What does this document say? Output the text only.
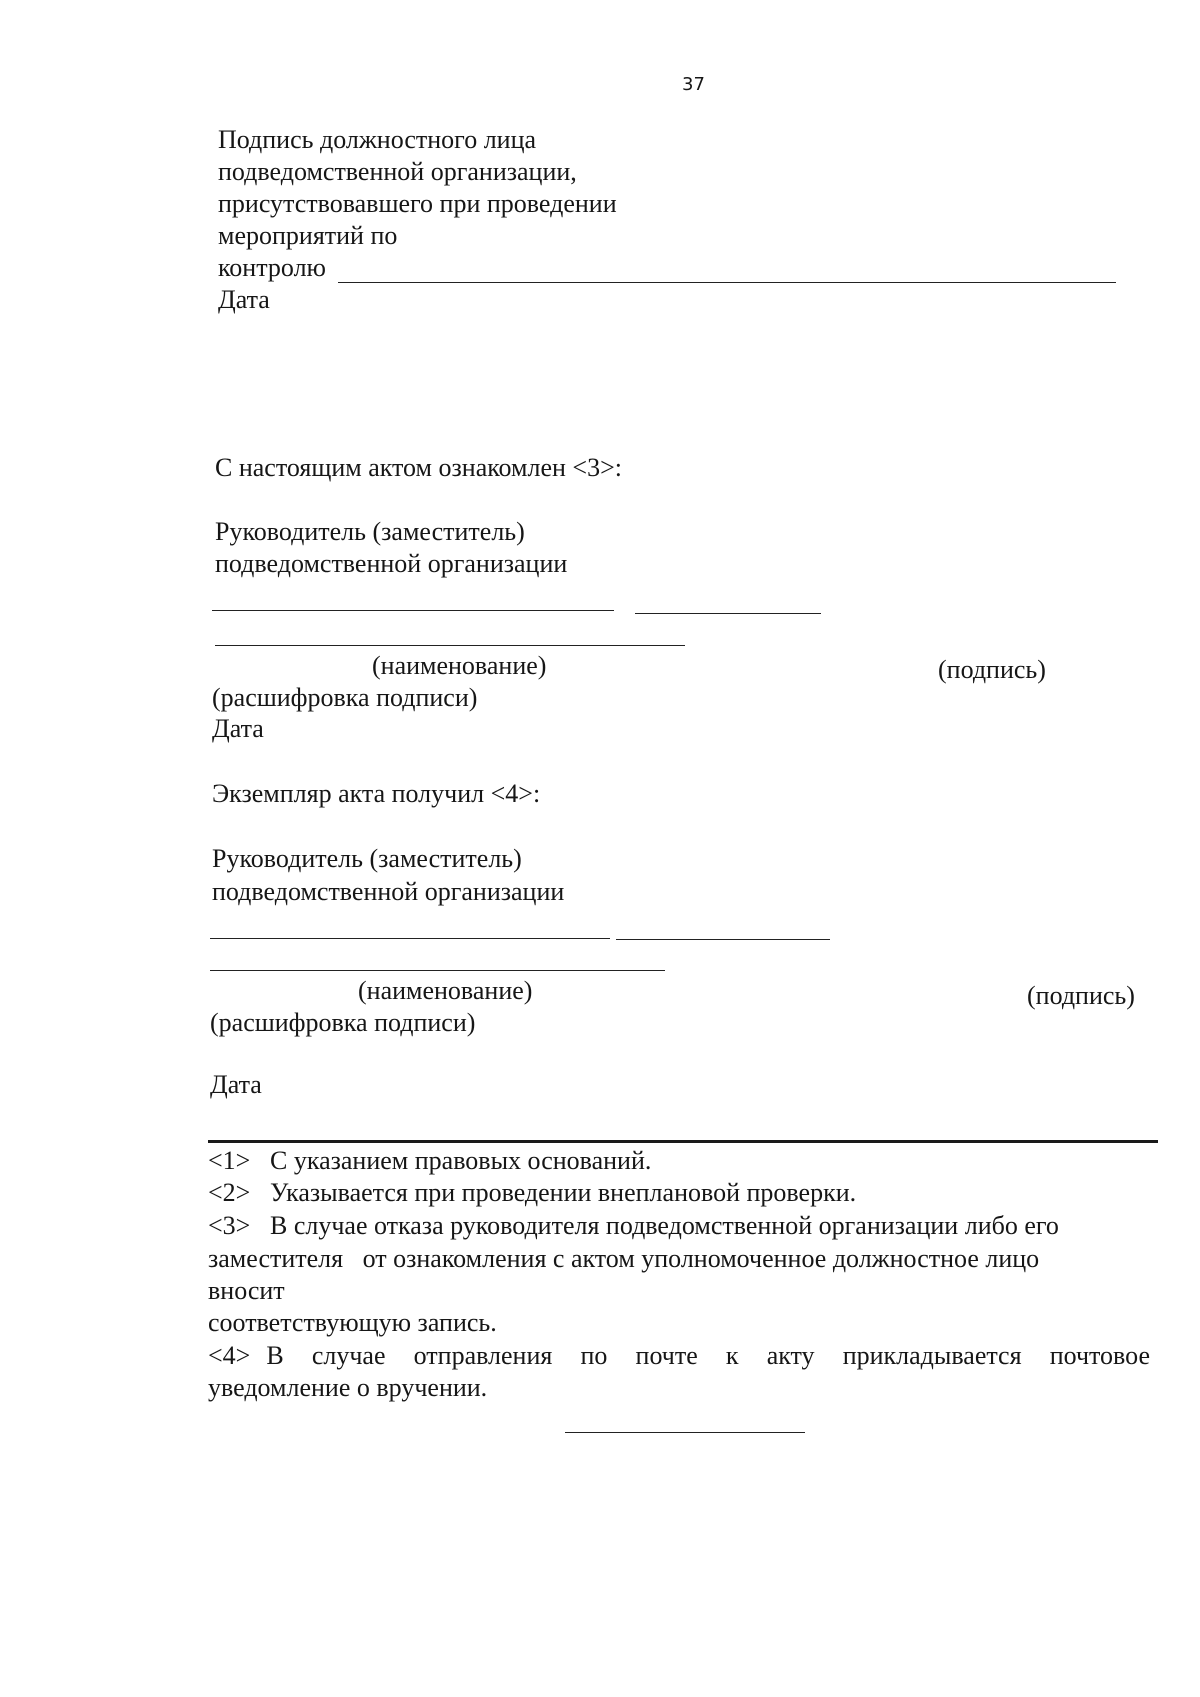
37
Подпись должностного лица
подведомственной организации,
присутствовавшего при проведении
мероприятий по
контролю
Дата
С настоящим актом ознакомлен <3>:
Руководитель (заместитель)
подведомственной организации
(наименование)	(подпись)
(расшифровка подписи)
Дата
Экземпляр акта получил <4>:
Руководитель (заместитель)
подведомственной организации
(наименование)	(подпись)
(расшифровка подписи)
Дата
<1> С указанием правовых оснований.
<2> Указывается при проведении внеплановой проверки.
<3> В случае отказа руководителя подведомственной организации либо его
заместителя   от ознакомления с актом уполномоченное должностное лицо
вносит
соответствующую запись.
<4> В случае отправления по почте к акту прикладывается почтовое
уведомление о вручении.
